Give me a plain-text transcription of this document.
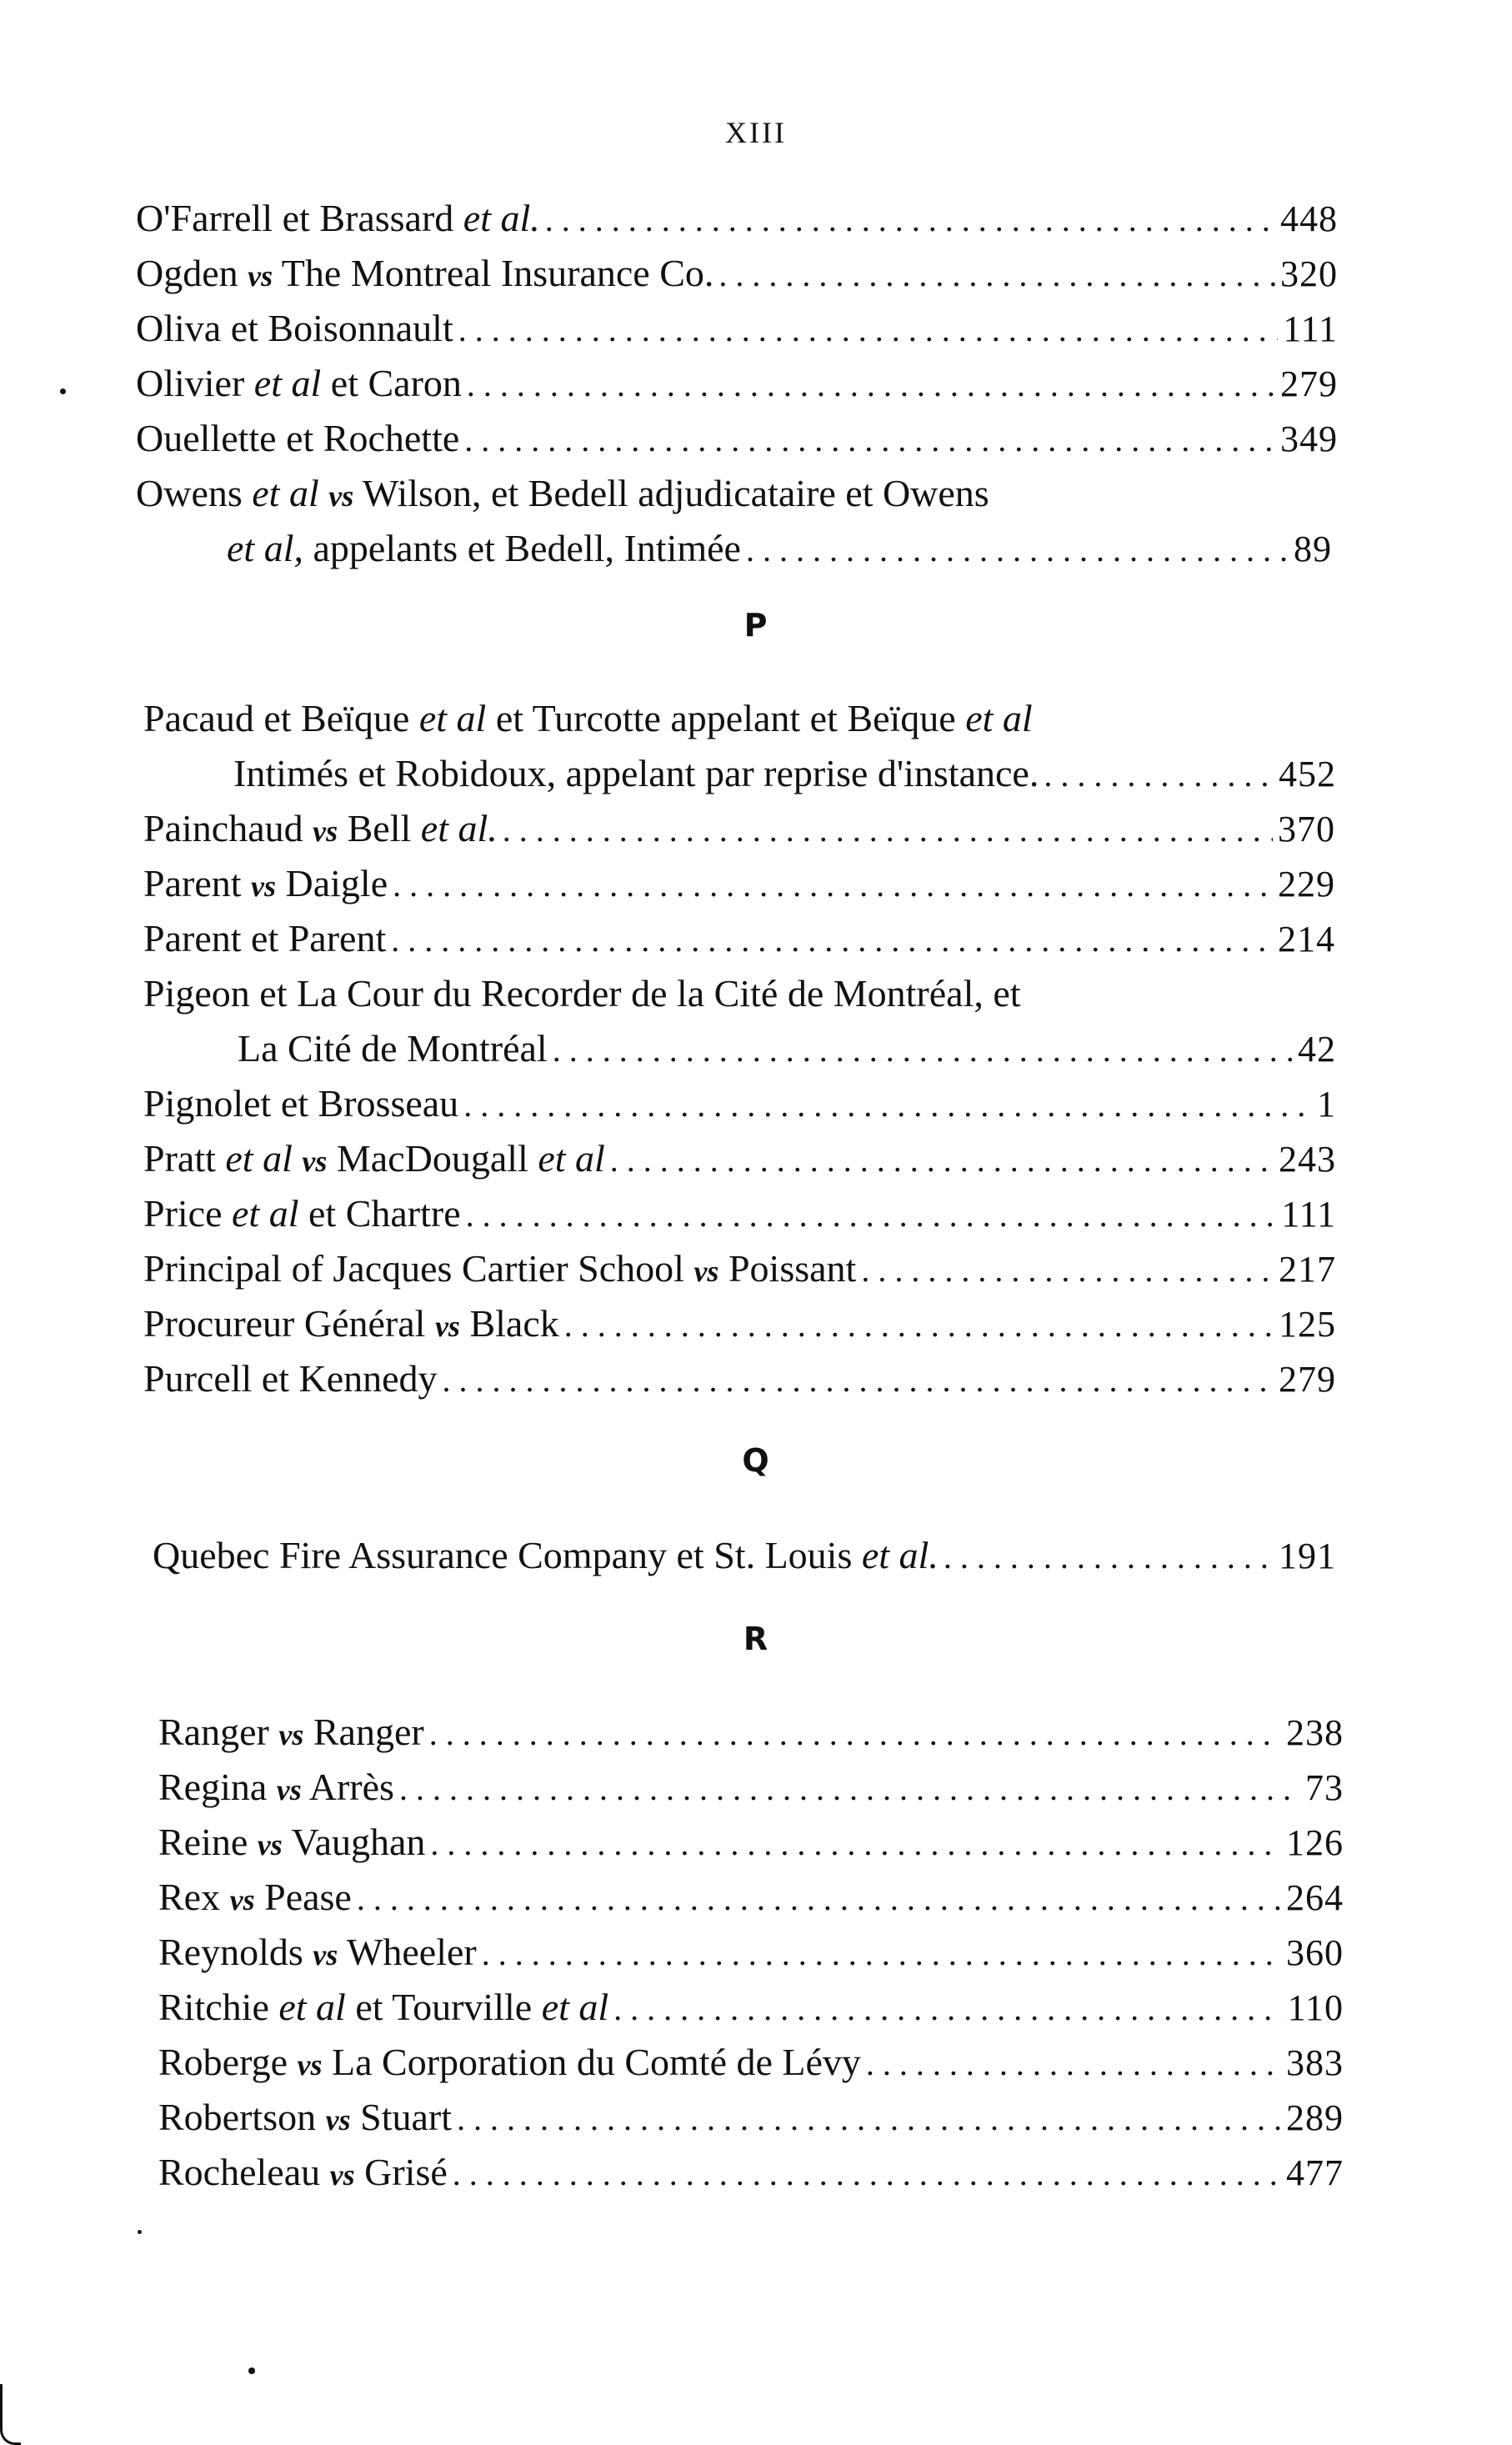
XIII
O'Farrell et Brassard et al. . . .	448
Ogden vs The Montreal Insurance Co. . . .	320
Oliva et Boisonnault . . .	111
Olivier et al et Caron . . .	279
Ouellette et Rochette . . .	349
Owens et al vs Wilson, et Bedell adjudicataire et Owens
et al, appelants et Bedell, Intimée . . .	89
P
Pacaud et Beïque et al et Turcotte appelant et Beïque et al
Intimés et Robidoux, appelant par reprise d'instance. . . .	452
Painchaud vs Bell et al. . . .	370
Parent vs Daigle . . .	229
Parent et Parent . . .	214
Pigeon et La Cour du Recorder de la Cité de Montréal, et
La Cité de Montréal . . .	42
Pignolet et Brosseau . . .	1
Pratt et al vs MacDougall et al . . .	243
Price et al et Chartre . . .	111
Principal of Jacques Cartier School vs Poissant . . .	217
Procureur Général vs Black . . .	125
Purcell et Kennedy . . .	279
Q
Quebec Fire Assurance Company et St. Louis et al. . . .	191
R
Ranger vs Ranger . . .	238
Regina vs Arrès . . .	73
Reine vs Vaughan . . .	126
Rex vs Pease . . .	264
Reynolds vs Wheeler . . .	360
Ritchie et al et Tourville et al . . .	110
Roberge vs La Corporation du Comté de Lévy . . .	383
Robertson vs Stuart . . .	289
Rocheleau vs Grisé . . .	477
